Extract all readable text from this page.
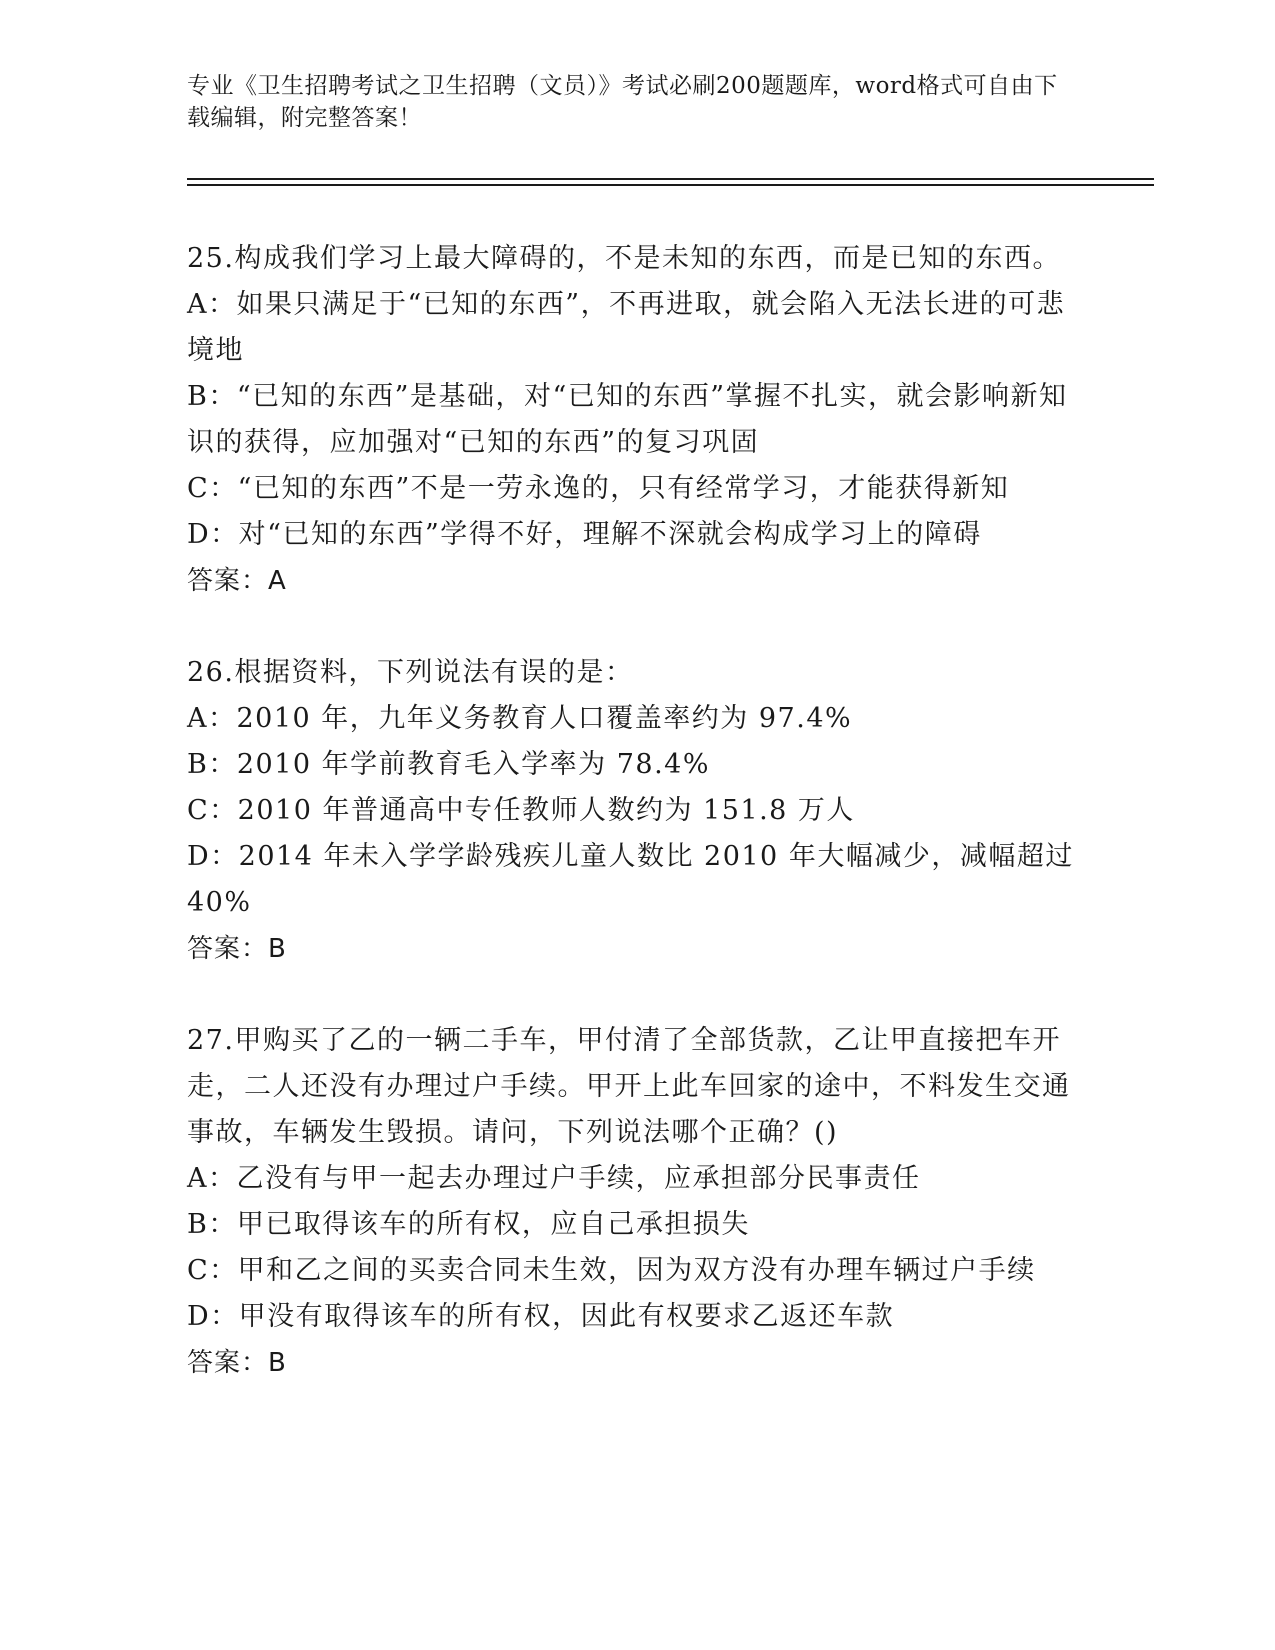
专业《卫生招聘考试之卫生招聘（文员）》考试必刷200题题库，word格式可自由下载编辑，附完整答案！
25.构成我们学习上最大障碍的，不是未知的东西，而是已知的东西。
A：如果只满足于“已知的东西”，不再进取，就会陷入无法长进的可悲境地
B：“已知的东西”是基础，对“已知的东西”掌握不扎实，就会影响新知识的获得，应加强对“已知的东西”的复习巩固
C：“已知的东西”不是一劳永逸的，只有经常学习，才能获得新知
D：对“已知的东西”学得不好，理解不深就会构成学习上的障碍
答案：A
26.根据资料，下列说法有误的是：
A：2010 年，九年义务教育人口覆盖率约为 97.4%
B：2010 年学前教育毛入学率为 78.4%
C：2010 年普通高中专任教师人数约为 151.8 万人
D：2014 年未入学学龄残疾儿童人数比 2010 年大幅减少，减幅超过 40%
答案：B
27.甲购买了乙的一辆二手车，甲付清了全部货款，乙让甲直接把车开走，二人还没有办理过户手续。甲开上此车回家的途中，不料发生交通事故，车辆发生毁损。请问，下列说法哪个正确？()
A：乙没有与甲一起去办理过户手续，应承担部分民事责任
B：甲已取得该车的所有权，应自己承担损失
C：甲和乙之间的买卖合同未生效，因为双方没有办理车辆过户手续
D：甲没有取得该车的所有权，因此有权要求乙返还车款
答案：B
